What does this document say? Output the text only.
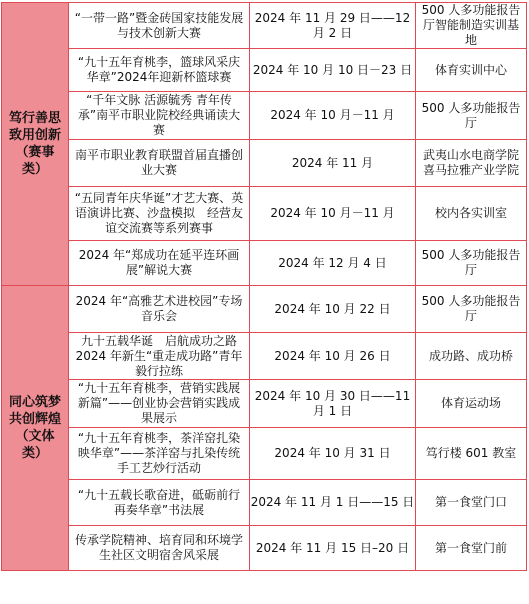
笃行善思致用创新（赛事类）	“一带一路”暨金砖国家技能发展与技术创新大赛	2024 年 11 月 29 日——12 月 2 日	500 人多功能报告厅智能制造实训基地
	“九十五年育桃李，篮球风采庆华章”2024年迎新杯篮球赛	2024 年 10 月 10 日－23 日	体育实训中心
	“千年文脉 活源毓秀 青年传承”南平市职业院校经典诵读大赛	2024 年 10 月－11 月	500 人多功能报告厅
	南平市职业教育联盟首届直播创业大赛	2024 年 11 月	武夷山水电商学院喜马拉雅产业学院
	“五同青年庆华诞”才艺大赛、英语演讲比赛、沙盘模拟　经营友谊交流赛等系列赛事	2024 年 10 月－11 月	校内各实训室
	2024 年“郑成功在延平连环画展”解说大赛	2024 年 12 月 4 日	500 人多功能报告厅
同心筑梦共创辉煌（文体类）	2024 年“高雅艺术进校园”专场音乐会	2024 年 10 月 22 日	500 人多功能报告厅
	九十五载华诞　启航成功之路2024 年新生“重走成功路”青年毅行拉练	2024 年 10 月 26 日	成功路、成功桥
	“九十五年育桃李，营销实践展新篇”——创业协会营销实践成果展示	2024 年 10 月 30 日——11 月 1 日	体育运动场
	“九十五年育桃李，茶洋窑扎染映华章”——茶洋窑与扎染传统手工艺炒行活动	2024 年 10 月 31 日	笃行楼 601 教室
	“九十五载长歌奋进，砥砺前行再奏华章”书法展	2024 年 11 月 1 日——15 日	第一食堂门口
	传承学院精神、培育同和环境学生社区文明宿舍风采展	2024 年 11 月 15 日–20 日	第一食堂门前
